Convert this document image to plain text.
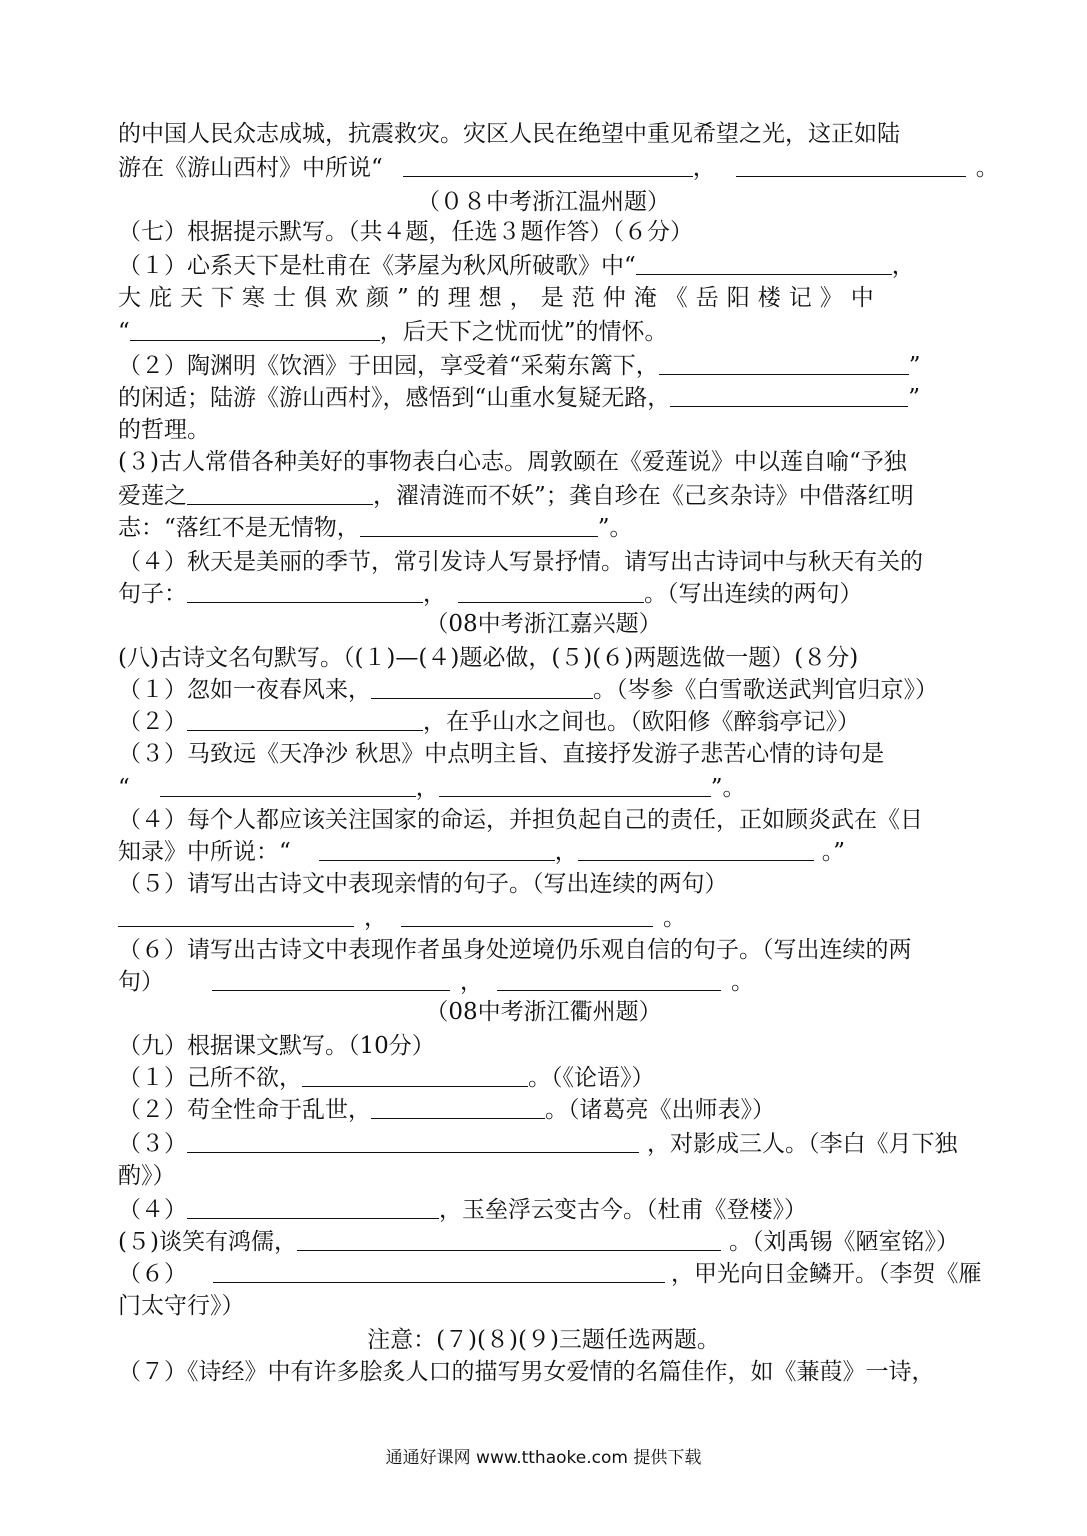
的中国人民众志成城，抗震救灾。灾区人民在绝望中重见希望之光，这正如陆
游在《游山西村》中所说“	，	。
（０８中考浙江温州题）
（七）根据提示默写。（共４题，任选３题作答）（６分）
（１）心系天下是杜甫在《茅屋为秋风所破歌》中“	，
大庇天下寒士俱欢颜”的理想，是范仲淹《岳阳楼记》中
“	，后天下之忧而忧”的情怀。
（２）陶渊明《饮酒》于田园，享受着“采菊东篱下，	”
的闲适；陆游《游山西村》，感悟到“山重水复疑无路，	”
的哲理。
(３)古人常借各种美好的事物表白心志。周敦颐在《爱莲说》中以莲自喻“予独
爱莲之	，濯清涟而不妖”；龚自珍在《己亥杂诗》中借落红明
志：“落红不是无情物，	”。
（４）秋天是美丽的季节，常引发诗人写景抒情。请写出古诗词中与秋天有关的
句子：	，	。（写出连续的两句）
（08中考浙江嘉兴题）
(八)古诗文名句默写。（(１)—(４)题必做，(５)(６)两题选做一题）(８分)
（１）忽如一夜春风来，	。（岑参《白雪歌送武判官归京》）
（２）	，在乎山水之间也。（欧阳修《醉翁亭记》）
（３）马致远《天净沙 秋思》中点明主旨、直接抒发游子悲苦心情的诗句是
“	，	”。
（４）每个人都应该关注国家的命运，并担负起自己的责任，正如顾炎武在《日
知录》中所说：“	，	。”
（５）请写出古诗文中表现亲情的句子。（写出连续的两句）
，	。
（６）请写出古诗文中表现作者虽身处逆境仍乐观自信的句子。（写出连续的两
句）	，	。
（08中考浙江衢州题）
（九）根据课文默写。（10分）
（１）己所不欲，	。（《论语》）
（２）苟全性命于乱世，	。（诸葛亮《出师表》）
（３）	，对影成三人。（李白《月下独
酌》）
（４）	，玉垒浮云变古今。（杜甫《登楼》）
(５)谈笑有鸿儒，	。（刘禹锡《陋室铭》）
（６）	，甲光向日金鳞开。（李贺《雁
门太守行》）
注意：(７)(８)(９)三题任选两题。
（７）《诗经》中有许多脍炙人口的描写男女爱情的名篇佳作，如《蒹葭》一诗，
通通好课网 www.tthaoke.com 提供下载
